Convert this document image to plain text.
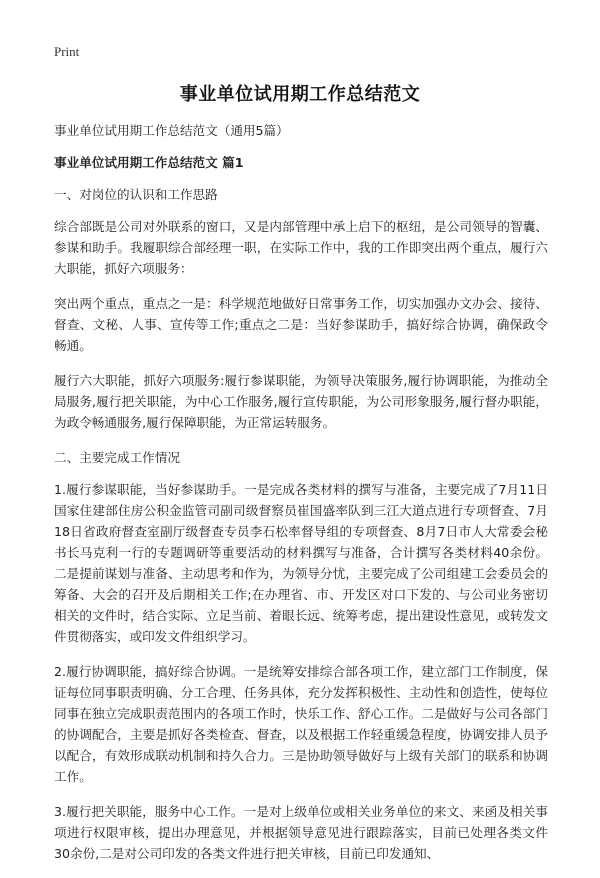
Print
事业单位试用期工作总结范文

事业单位试用期工作总结范文（通用5篇）

事业单位试用期工作总结范文 篇1

一、对岗位的认识和工作思路

综合部既是公司对外联系的窗口，又是内部管理中承上启下的枢纽，是公司领导的智囊、参谋和助手。我履职综合部经理一职，在实际工作中，我的工作即突出两个重点，履行六大职能，抓好六项服务：

突出两个重点，重点之一是：科学规范地做好日常事务工作，切实加强办文办会、接待、督查、文秘、人事、宣传等工作;重点之二是：当好参谋助手，搞好综合协调，确保政令畅通。

履行六大职能，抓好六项服务:履行参谋职能，为领导决策服务,履行协调职能，为推动全局服务,履行把关职能，为中心工作服务,履行宣传职能，为公司形象服务,履行督办职能，为政令畅通服务,履行保障职能，为正常运转服务。

二、主要完成工作情况

1.履行参谋职能，当好参谋助手。一是完成各类材料的撰写与准备，主要完成了7月11日国家住建部住房公积金监管司副司级督察员崔国盛率队到三江大道点进行专项督查、7月18日省政府督查室副厅级督查专员李石松率督导组的专项督查、8月7日市人大常委会秘书长马克利一行的专题调研等重要活动的材料撰写与准备，合计撰写各类材料40余份。二是提前谋划与准备、主动思考和作为，为领导分忧，主要完成了公司组建工会委员会的筹备、大会的召开及后期相关工作;在办理省、市、开发区对口下发的、与公司业务密切相关的文件时，结合实际、立足当前、着眼长远、统筹考虑，提出建设性意见，或转发文件贯彻落实，或印发文件组织学习。

2.履行协调职能，搞好综合协调。一是统筹安排综合部各项工作，建立部门工作制度，保证每位同事职责明确、分工合理、任务具体，充分发挥积极性、主动性和创造性，使每位同事在独立完成职责范围内的各项工作时，快乐工作、舒心工作。二是做好与公司各部门的协调配合，主要是抓好各类检查、督查，以及根据工作轻重缓急程度，协调安排人员予以配合，有效形成联动机制和持久合力。三是协助领导做好与上级有关部门的联系和协调工作。

3.履行把关职能，服务中心工作。一是对上级单位或相关业务单位的来文、来函及相关事项进行权限审核，提出办理意见，并根据领导意见进行跟踪落实，目前已处理各类文件30余份,二是对公司印发的各类文件进行把关审核，目前已印发通知、
